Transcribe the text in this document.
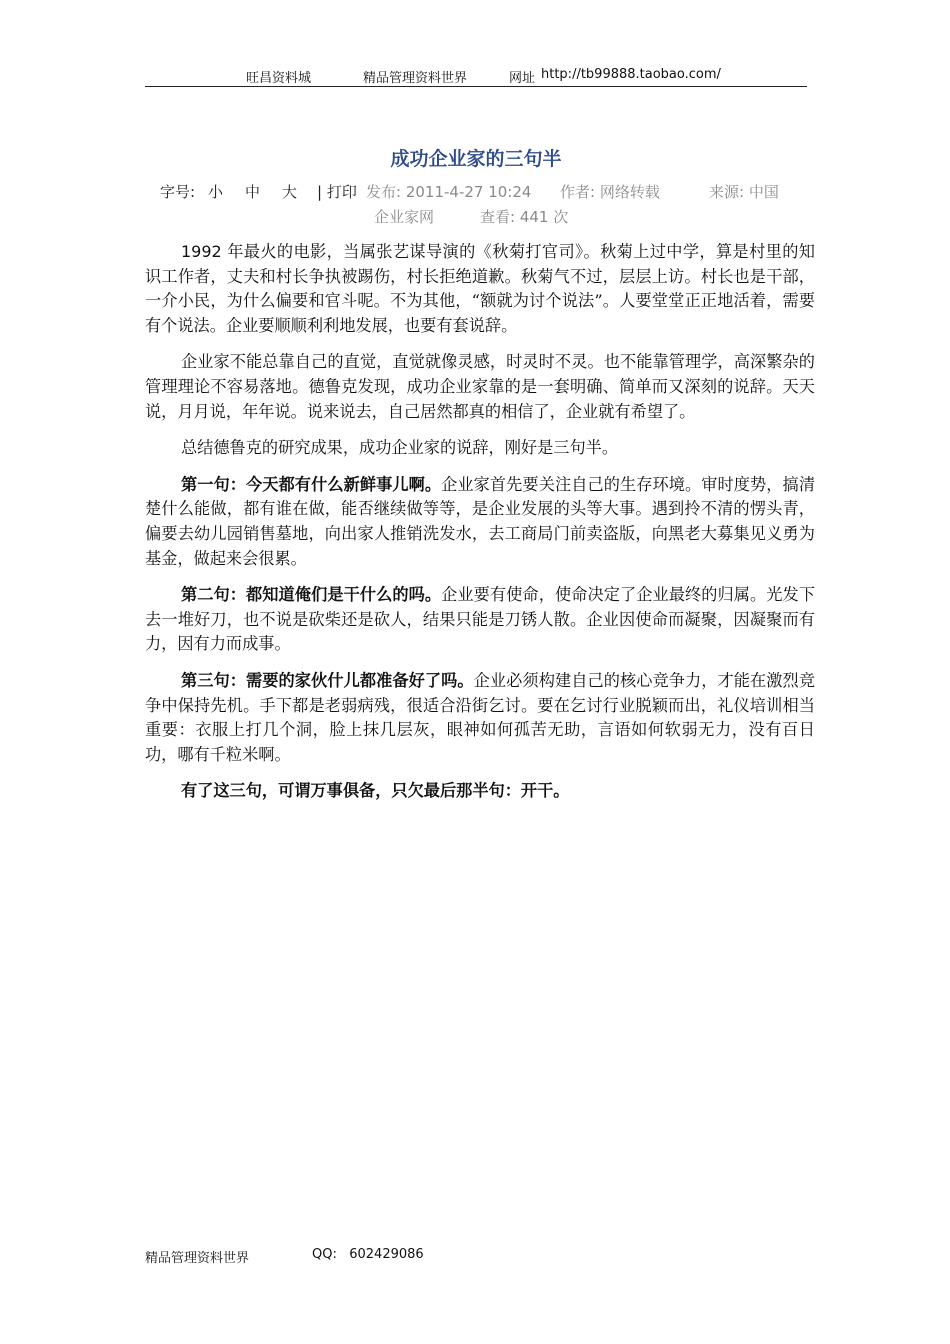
旺昌资料城	精品管理资料世界	网址 http://tb99888.taobao.com/
成功企业家的三句半
字号: 小 中 大 | 打印 发布: 2011-4-27 10:24 作者: 网络转载	来源: 中国
企业家网	查看: 441 次

1992 年最火的电影，当属张艺谋导演的《秋菊打官司》。秋菊上过中学，算是村里的知识工作者，丈夫和村长争执被踢伤，村长拒绝道歉。秋菊气不过，层层上访。村长也是干部，一介小民，为什么偏要和官斗呢。不为其他，“额就为讨个说法”。人要堂堂正正地活着，需要有个说法。企业要顺顺利利地发展，也要有套说辞。

企业家不能总靠自己的直觉，直觉就像灵感，时灵时不灵。也不能靠管理学，高深繁杂的管理理论不容易落地。德鲁克发现，成功企业家靠的是一套明确、简单而又深刻的说辞。天天说，月月说，年年说。说来说去，自己居然都真的相信了，企业就有希望了。

总结德鲁克的研究成果，成功企业家的说辞，刚好是三句半。

第一句：今天都有什么新鲜事儿啊。企业家首先要关注自己的生存环境。审时度势，搞清楚什么能做，都有谁在做，能否继续做等等，是企业发展的头等大事。遇到拎不清的愣头青，偏要去幼儿园销售墓地，向出家人推销洗发水，去工商局门前卖盗版，向黑老大募集见义勇为基金，做起来会很累。

第二句：都知道俺们是干什么的吗。企业要有使命，使命决定了企业最终的归属。光发下去一堆好刀，也不说是砍柴还是砍人，结果只能是刀锈人散。企业因使命而凝聚，因凝聚而有力，因有力而成事。

第三句：需要的家伙什儿都准备好了吗。企业必须构建自己的核心竞争力，才能在激烈竞争中保持先机。手下都是老弱病残，很适合沿街乞讨。要在乞讨行业脱颖而出，礼仪培训相当重要：衣服上打几个洞，脸上抹几层灰，眼神如何孤苦无助，言语如何软弱无力，没有百日功，哪有千粒米啊。

有了这三句，可谓万事俱备，只欠最后那半句：开干。

精品管理资料世界	QQ:   602429086
